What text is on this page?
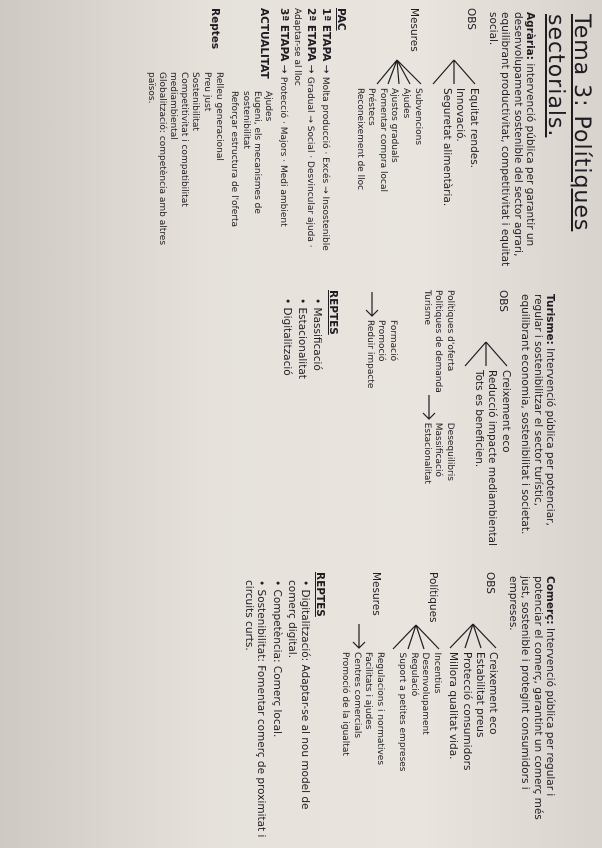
Tema 3: Polítiques sectorials.
Agrària: intervenció pública per garantir un desenvolupament sostenible del sector agrari, equilibrant productivitat, competitivitat i equitat social.
OBS
Equitat rendes.
Innovació.
Seguretat alimentària.
Mesures
Subvencions
Ajudes
Ajustos graduals
Fomentar compra local
Préstecs
Reconeixement de lloc
PAC
1ª ETAPA → Molta producció · Excés → Insostenible
2ª ETAPA → Gradual → Social · Desvincular ajuda · Adaptar-se al lloc
3ª ETAPA → Protecció · Majors · Medi ambient
ACTUALITAT
Ajudes
Eugeni, els mecanismes de sostenibilitat
Reforçar estructura de l'oferta
Reptes
Relleu generacional
Preu just
Sostenibilitat
Competitivitat i compatibilitat mediambiental
Globalització: competència amb altres països.
Turisme: Intervenció pública per potenciar, regular i sostenibilitzar el sector turístic, equilibrant economia, sostenibilitat i societat.
OBS
Creixement eco
Reducció impacte mediambiental
Tots es beneficien.
Polítiques d'oferta
Polítiques de demanda
Turisme
Desequilibris
Massificació
Estacionalitat
Formació
Promoció
Reduir impacte
REPTES
• Massificació
• Estacionalitat
• Digitalització
Comerç: Intervenció pública per regular i potenciar el comerç, garantint un comerç més just, sostenible i protegint consumidors i empreses.
OBS
Creixement eco
Estabilitat preus
Protecció consumidors
Millora qualitat vida.
Polítiques
Incentius
Desenvolupament
Regulació
Suport a petites empreses
Mesures
Regulacions i normatives
Facilitats i ajudes
Centres comercials
Promoció de la igualtat
REPTES
• Digitalització: Adaptar-se al nou model de comerç digital.
• Competència: Comerç local.
• Sostenibilitat: Fomentar comerç de proximitat i circuits curts.
